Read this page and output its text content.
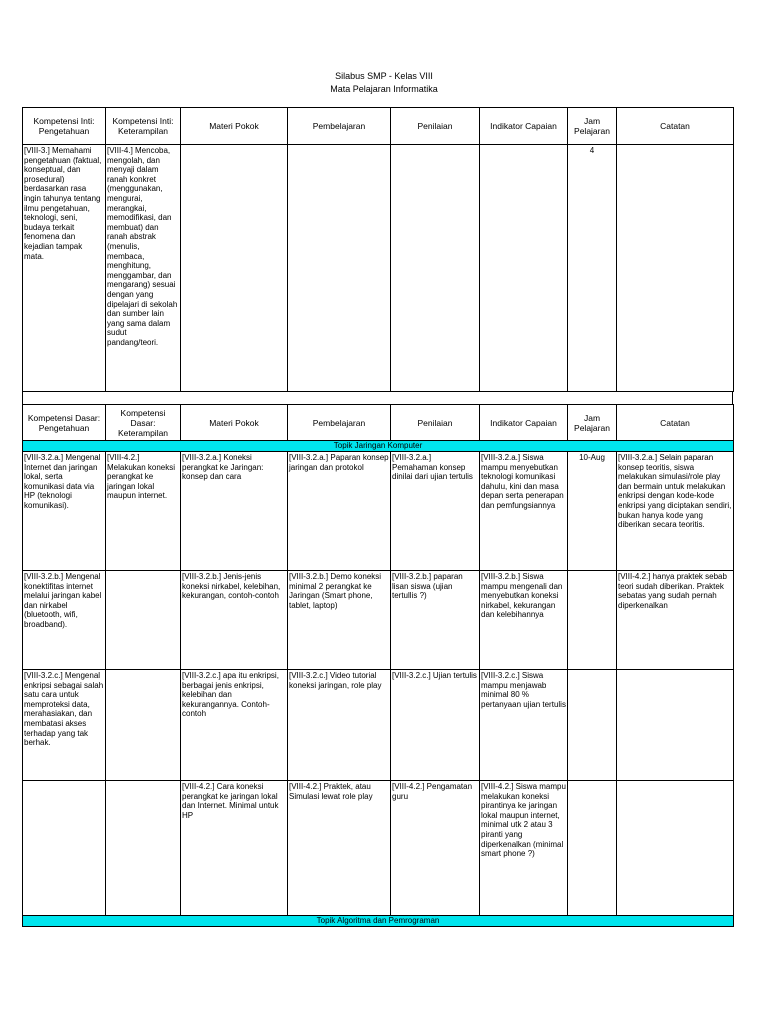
Silabus SMP - Kelas VIII
Mata Pelajaran Informatika
Kompetensi Inti: Pengetahuan	Kompetensi Inti: Keterampilan	Materi Pokok	Pembelajaran	Penilaian	Indikator Capaian	Jam Pelajaran	Catatan
[VIII-3.] Memahami pengetahuan (faktual, konseptual, dan prosedural) berdasarkan rasa ingin tahunya tentang ilmu pengetahuan, teknologi, seni, budaya terkait fenomena dan kejadian tampak mata.	[VIII-4.] Mencoba, mengolah, dan menyaji dalam ranah konkret (menggunakan, mengurai, merangkai, memodifikasi, dan membuat) dan ranah abstrak (menulis, membaca, menghitung, menggambar, dan mengarang) sesuai dengan yang dipelajari di sekolah dan sumber lain yang sama dalam sudut pandang/teori.					4	
Kompetensi Dasar: Pengetahuan	Kompetensi Dasar: Keterampilan	Materi Pokok	Pembelajaran	Penilaian	Indikator Capaian	Jam Pelajaran	Catatan
Topik Jaringan Komputer							
[VIII-3.2.a.] Mengenal Internet dan jaringan lokal, serta komunikasi data via HP (teknologi komunikasi).	[VIII-4.2.] Melakukan koneksi perangkat ke jaringan lokal maupun internet.	[VIII-3.2.a.] Koneksi perangkat ke Jaringan: konsep dan cara	[VIII-3.2.a.] Paparan konsep jaringan dan protokol	[VIII-3.2.a.] Pemahaman konsep dinilai dari ujian tertulis	[VIII-3.2.a.] Siswa mampu menyebutkan teknologi komunikasi dahulu, kini dan masa depan serta penerapan dan pemfungsiannya	10-Aug	[VIII-3.2.a.] Selain paparan konsep teoritis, siswa melakukan simulasi/role play dan bermain untuk melakukan enkripsi dengan kode-kode enkripsi yang diciptakan sendiri, bukan hanya kode yang diberikan secara teoritis.
[VIII-3.2.b.] Mengenal konektifitas internet melalui jaringan kabel dan nirkabel (bluetooth, wifi, broadband).		[VIII-3.2.b.] Jenis-jenis koneksi nirkabel, kelebihan, kekurangan, contoh-contoh	[VIII-3.2.b.] Demo koneksi minimal 2 perangkat ke Jaringan (Smart phone, tablet, laptop)	[VIII-3.2.b.] paparan lisan siswa (ujian tertullis ?)	[VIII-3.2.b.] Siswa mampu mengenali dan menyebutkan koneksi nirkabel, kekurangan dan kelebihannya		[VIII-4.2.] hanya praktek sebab teori sudah diberikan. Praktek sebatas yang sudah pernah diperkenalkan
[VIII-3.2.c.] Mengenal enkripsi sebagai salah satu cara untuk memproteksi data, merahasiakan, dan membatasi akses terhadap yang tak berhak.		[VIII-3.2.c.] apa itu enkripsi, berbagai jenis enkripsi, kelebihan dan kekurangannya. Contoh-contoh	[VIII-3.2.c.] Video tutorial koneksi jaringan, role play	[VIII-3.2.c.] Ujian tertulis	[VIII-3.2.c.] Siswa mampu menjawab minimal 80 % pertanyaan ujian tertulis		
		[VIII-4.2.] Cara koneksi perangkat ke jaringan lokal dan Internet. Minimal untuk HP	[VIII-4.2.] Praktek, atau Simulasi lewat role play	[VIII-4.2.] Pengamatan guru	[VIII-4.2.] Siswa mampu melakukan koneksi pirantinya ke jaringan lokal maupun internet, minimal utk 2 atau 3 piranti yang diperkenalkan (minimal smart phone ?)		
Topik Algoritma dan Pemrograman							
